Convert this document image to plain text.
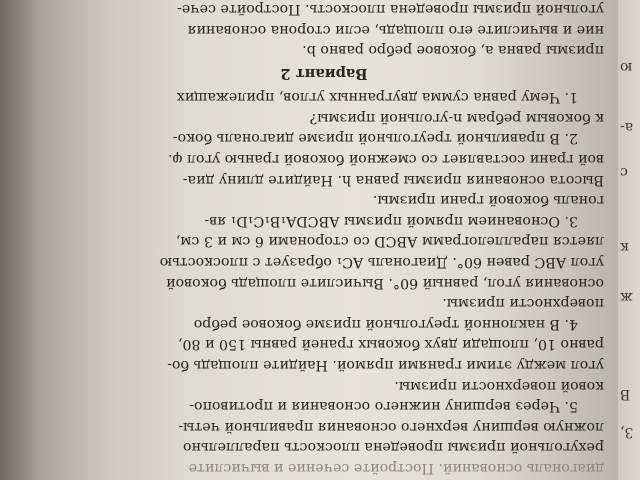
3,
В
ж
к
с
а-
ю
диагональ оснований. Постройте сечение и вычислите
рехугольной призмы проведена плоскость параллельно
ложную вершину верхнего основания правильной четы-
5. Через вершину нижнего основания и противопо-
ковой поверхности призмы.
угол между этими гранями прямой. Найдите площадь бо-
равно 10, площади двух боковых граней равны 150 и 80,
4. В наклонной треугольной призме боковое ребро
поверхности призмы.
основания угол, равный 60°. Вычислите площадь боковой
угол ABC равен 60°. Диагональ AC₁ образует с плоскостью
ляется параллелограмм ABCD со сторонами 6 см и 3 см,
3. Основанием прямой призмы ABCDA₁B₁C₁D₁ яв-
гональ боковой грани призмы.
Высота основания призмы равна h. Найдите длину диа-
вой грани составляет со смежной боковой гранью угол φ.
2. В правильной треугольной призме диагональ боко-
к боковым ребрам n-угольной призмы?
1. Чему равна сумма двугранных углов, прилежащих
Вариант 2
призмы равна a, боковое ребро равно b.
ние и вычислите его площадь, если сторона основания
угольной призмы проведена плоскость. Постройте сече-
